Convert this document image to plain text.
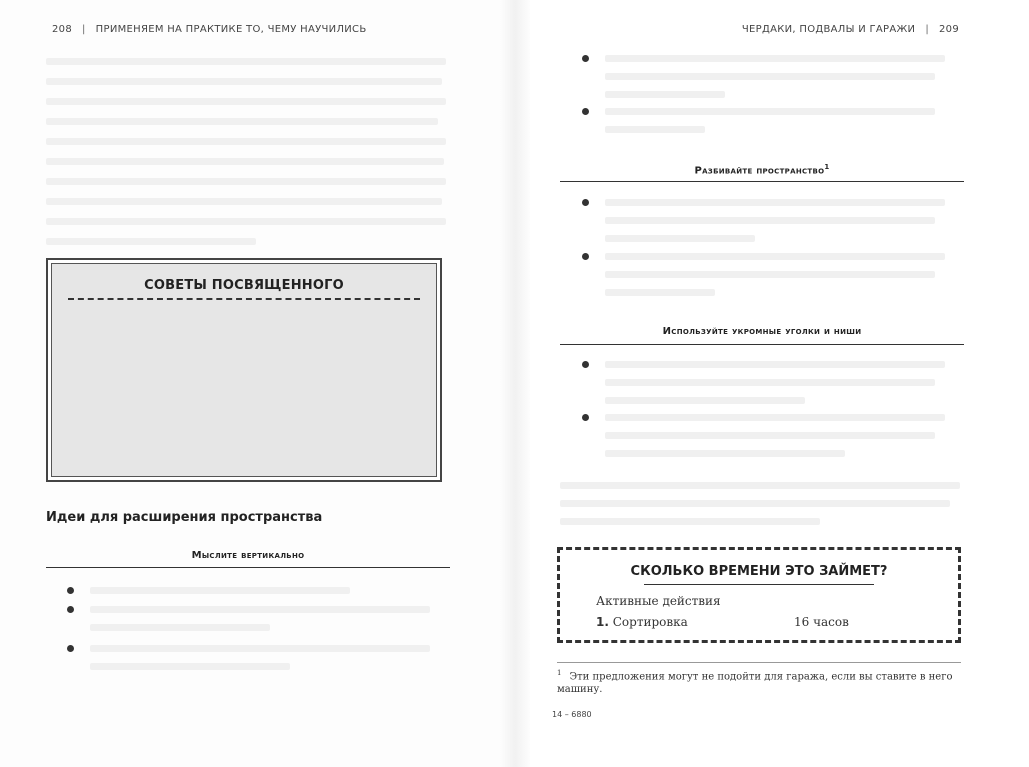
208 | ПРИМЕНЯЕМ НА ПРАКТИКЕ ТО, ЧЕМУ НАУЧИЛИСЬ
СОВЕТЫ ПОСВЯЩЕННОГО
Идеи для расширения пространства
Мыслите вертикально
ЧЕРДАКИ, ПОДВАЛЫ И ГАРАЖИ | 209
Разбивайте пространство$^1$
Используйте укромные уголки и ниши
СКОЛЬКО ВРЕМЕНИ ЭТО ЗАЙМЕТ?
Активные действия
1. Сортировка	16 часов
$^1$ Эти предложения могут не подойти для гаража, если вы ставите в него машину.
14 – 6880
